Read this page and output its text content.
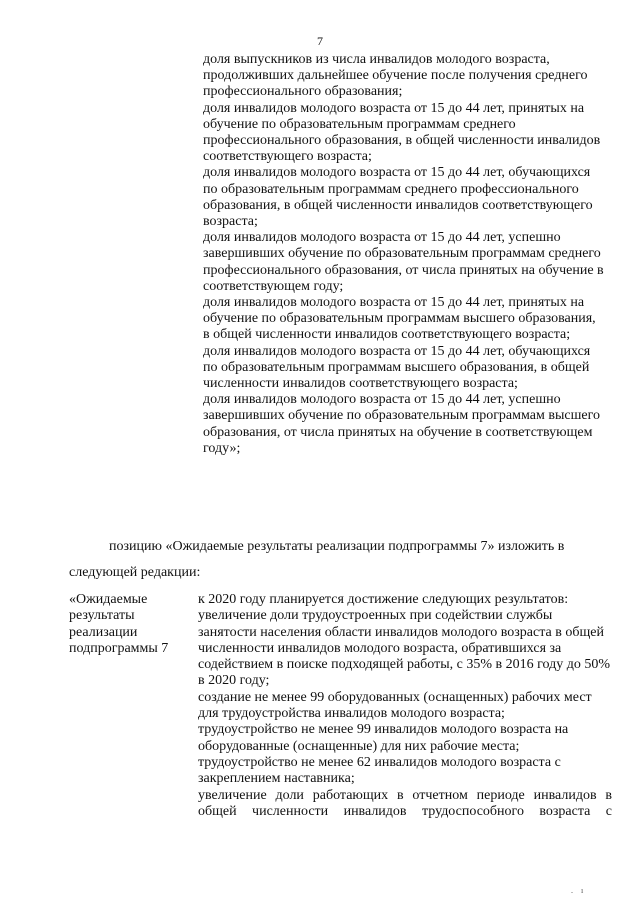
7

доля выпускников из числа инвалидов молодого возраста, продолживших дальнейшее обучение после получения среднего профессионального образования;

доля инвалидов молодого возраста от 15 до 44 лет, принятых на обучение по образовательным программам среднего профессионального образования, в общей численности инвалидов соответствующего возраста;

доля инвалидов молодого возраста от 15 до 44 лет, обучающихся по образовательным программам среднего профессионального образования, в общей численности инвалидов соответствующего возраста;

доля инвалидов молодого возраста от 15 до 44 лет, успешно завершивших обучение по образовательным программам среднего профессионального образования, от числа принятых на обучение в соответствующем году;

доля инвалидов молодого возраста от 15 до 44 лет, принятых на обучение по образовательным программам высшего образования, в общей численности инвалидов соответствующего возраста;

доля инвалидов молодого возраста от 15 до 44 лет, обучающихся по образовательным программам высшего образования, в общей численности инвалидов соответствующего возраста;

доля инвалидов молодого возраста от 15 до 44 лет, успешно завершивших обучение по образовательным программам высшего образования, от числа принятых на обучение в соответствующем году»;

позицию «Ожидаемые результаты реализации подпрограммы 7» изложить в
следующей редакции:
«Ожидаемые
результаты
реализации
подпрограммы 7

к 2020 году планируется достижение следующих результатов:

увеличение доли трудоустроенных при содействии службы занятости населения области инвалидов молодого возраста в общей численности инвалидов молодого возраста, обратившихся за содействием в поиске подходящей работы, с 35% в 2016 году до 50% в 2020 году;

создание не менее 99 оборудованных (оснащенных) рабочих мест для трудоустройства инвалидов молодого возраста;

трудоустройство не менее 99 инвалидов молодого возраста на оборудованные (оснащенные) для них рабочие места;

трудоустройство не менее 62 инвалидов молодого возраста с закреплением наставника;

увеличение доли работающих в отчетном периоде инвалидов в общей численности инвалидов трудоспособного возраста с

. ı
